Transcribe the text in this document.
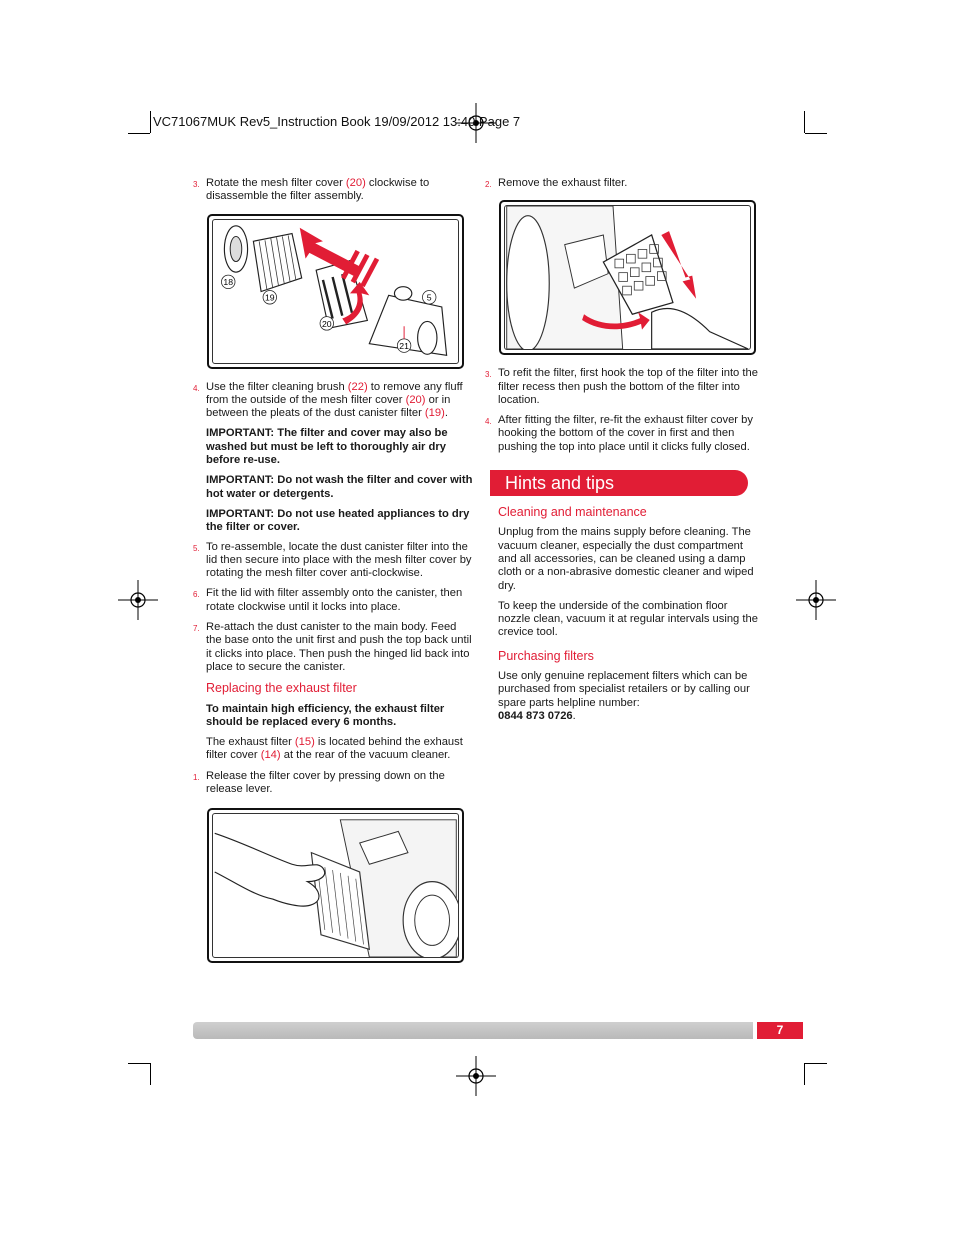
VC71067MUK Rev5_Instruction Book 19/09/2012 13:40 Page 7
3. Rotate the mesh filter cover (20) clockwise to disassemble the filter assembly.
18
19
20
5
21
4. Use the filter cleaning brush (22) to remove any fluff from the outside of the mesh filter cover (20) or in between the pleats of the dust canister filter (19).
IMPORTANT: The filter and cover may also be washed but must be left to thoroughly air dry before re-use.
IMPORTANT: Do not wash the filter and cover with hot water or detergents.
IMPORTANT: Do not use heated appliances to dry the filter or cover.
5. To re-assemble, locate the dust canister filter into the lid then secure into place with the mesh filter cover by rotating the mesh filter cover anti-clockwise.
6. Fit the lid with filter assembly onto the canister, then rotate clockwise until it locks into place.
7. Re-attach the dust canister to the main body. Feed the base onto the unit first and push the top back until it clicks into place. Then push the hinged lid back into place to secure the canister.
Replacing the exhaust filter
To maintain high efficiency, the exhaust filter should be replaced every 6 months.
The exhaust filter (15) is located behind the exhaust filter cover (14) at the rear of the vacuum cleaner.
1. Release the filter cover by pressing down on the release lever.
2. Remove the exhaust filter.
3. To refit the filter, first hook the top of the filter into the filter recess then push the bottom of the filter into location.
4. After fitting the filter, re-fit the exhaust filter cover by hooking the bottom of the cover in first and then pushing the top into place until it clicks fully closed.
Hints and tips
Cleaning and maintenance
Unplug from the mains supply before cleaning. The vacuum cleaner, especially the dust compartment and all accessories, can be cleaned using a damp cloth or a non-abrasive domestic cleaner and wiped dry.
To keep the underside of the combination floor nozzle clean, vacuum it at regular intervals using the crevice tool.
Purchasing filters
Use only genuine replacement filters which can be purchased from specialist retailers or by calling our spare parts helpline number:
0844 873 0726.
7
